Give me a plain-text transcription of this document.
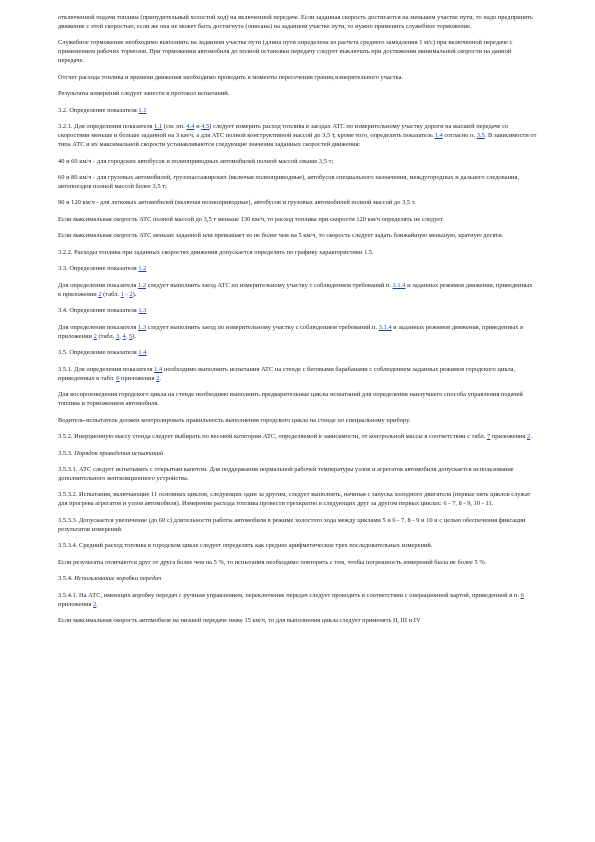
отключенной подачи топлива (принудительный холостой ход) на включенной передаче. Если заданная скорость достигается на меньшем участке пути, то надо предпринять движение с этой скоростью, если же она не может быть достигнута (описана) на заданном участке пути, то нужно применить служебное торможение.

Служебное торможение необходимо выполнять на заданном участке пути (длина пути определена из расчета среднего замедления 1 м/с) при включенной передаче с применением рабочих тормозов. При торможении автомобиля до полной остановки передачу следует выключать при достижении минимальной скорости на данной передаче.

Отсчет расхода топлива и времени движения необходимо проводить в моменты пересечения границ измерительного участка.

Результаты измерений следует занести в протокол испытаний.

3.2. Определение показателя 1.1

3.2.1. Для определения показателя 1.1 (см. пп. 4.4 и 4.5) следует измерить расход топлива в заездах АТС по измерительному участку дороги на высшей передаче со скоростями меньше и больше заданной на 3 км/ч, а для АТС полной конструктивной массой до 3,5 т, кроме того, определить показатель 1.4 согласно п. 3.5. В зависимости от типа АТС и их максимальной скорости устанавливаются следующие значения заданных скоростей движения:

40 и 60 км/ч - для городских автобусов и полноприводных автомобилей полной массой свыше 3,5 т;

60 и 80 км/ч - для грузовых автомобилей, грузопассажирских (включая полноприводные), автобусов специального назначения, междугородных и дальнего следования, автопоездов полной массой более 3,5 т;

90 и 120 км/ч - для легковых автомобилей (включая полноприводные), автобусов и грузовых автомобилей полной массой до 3,5 т.

Если максимальная скорость АТС полной массой до 3,5 т меньше 130 км/ч, то расход топлива при скорости 120 км/ч определять не следует.

Если максимальная скорость АТС меньше заданной или превышает ее не более чем на 5 км/ч, то скорость следует задать ближайшую меньшую, кратную десяти.

3.2.2. Расходы топлива при заданных скоростях движения допускается определять по графику характеристики 1.5.

3.3. Определение показателя 1.2

Для определения показателя 1.2 следует выполнить заезд АТС по измерительному участку с соблюдением требований п. 3.1.4 и заданных режимов движения, приведенных в приложении 2 (табл. 1 - 2).

3.4. Определение показателя 1.3

Для определения показателя 1.3 следует выполнить заезд по измерительному участку с соблюдением требований п. 3.1.4 и заданных режимов движения, приведенных в приложении 2 (табл. 3, 4, 5).

3.5. Определение показателя 1.4

3.5.1. Для определения показателя 1.4 необходимо выполнить испытания АТС на стенде с беговыми барабанами с соблюдением заданных режимов городского цикла, приведенных в табл. 6 приложения 2.

Для воспроизведения городского цикла на стенде необходимо выполнить предварительные циклы испытаний для определения наилучшего способа управления подачей топлива и торможением автомобиля.

Водитель-испытатель должен контролировать правильность выполнения городского цикла на стенде по специальному прибору.

3.5.2. Инерционную массу стенда следует выбирать по весовой категории АТС, определяемой в зависимости, от контрольной массы в соответствии с табл. 7 приложения 2.

3.5.3. Порядок проведения испытаний

3.5.3.1. АТС следует испытывать с открытым капотом. Для поддержания нормальной рабочей температуры узлов и агрегатов автомобиля допускается использование дополнительного вентиляционного устройства.

3.5.3.2. Испытания, включающие 11 основных циклов, следующих один за другим, следует выполнять, начиная с запуска холодного двигателя (первые пять циклов служат для прогрева агрегатов и узлов автомобиля). Измерения расхода топлива провести трехкратно в следующих друг за другом первых циклах: 6 - 7, 8 - 9, 10 - 11.

3.5.3.3. Допускается увеличение (до 60 с) длительности работы автомобиля в режиме холостого хода между циклами 5 и 6 - 7, 8 - 9 и 10 и с целью обеспечения фиксации результатов измерений.

3.5.3.4. Средний расход топлива в городском цикле следует определять как среднее арифметическое трех последовательных измерений.

Если результаты отличаются друг от друга более чем на 5 %, то испытания необходимо повторить с тем, чтобы погрешность измерений была не более 5 %.

3.5.4. Использование коробки передач

3.5.4.1. На АТС, имеющих коробку передач с ручным управлением, переключение передач следует проводить в соответствии с операционной картой, приведенной в п. 6 приложения 2.

Если максимальная скорость автомобиля на низшей передаче ниже 15 км/ч, то для выполнения цикла следует применять II, III и IV
